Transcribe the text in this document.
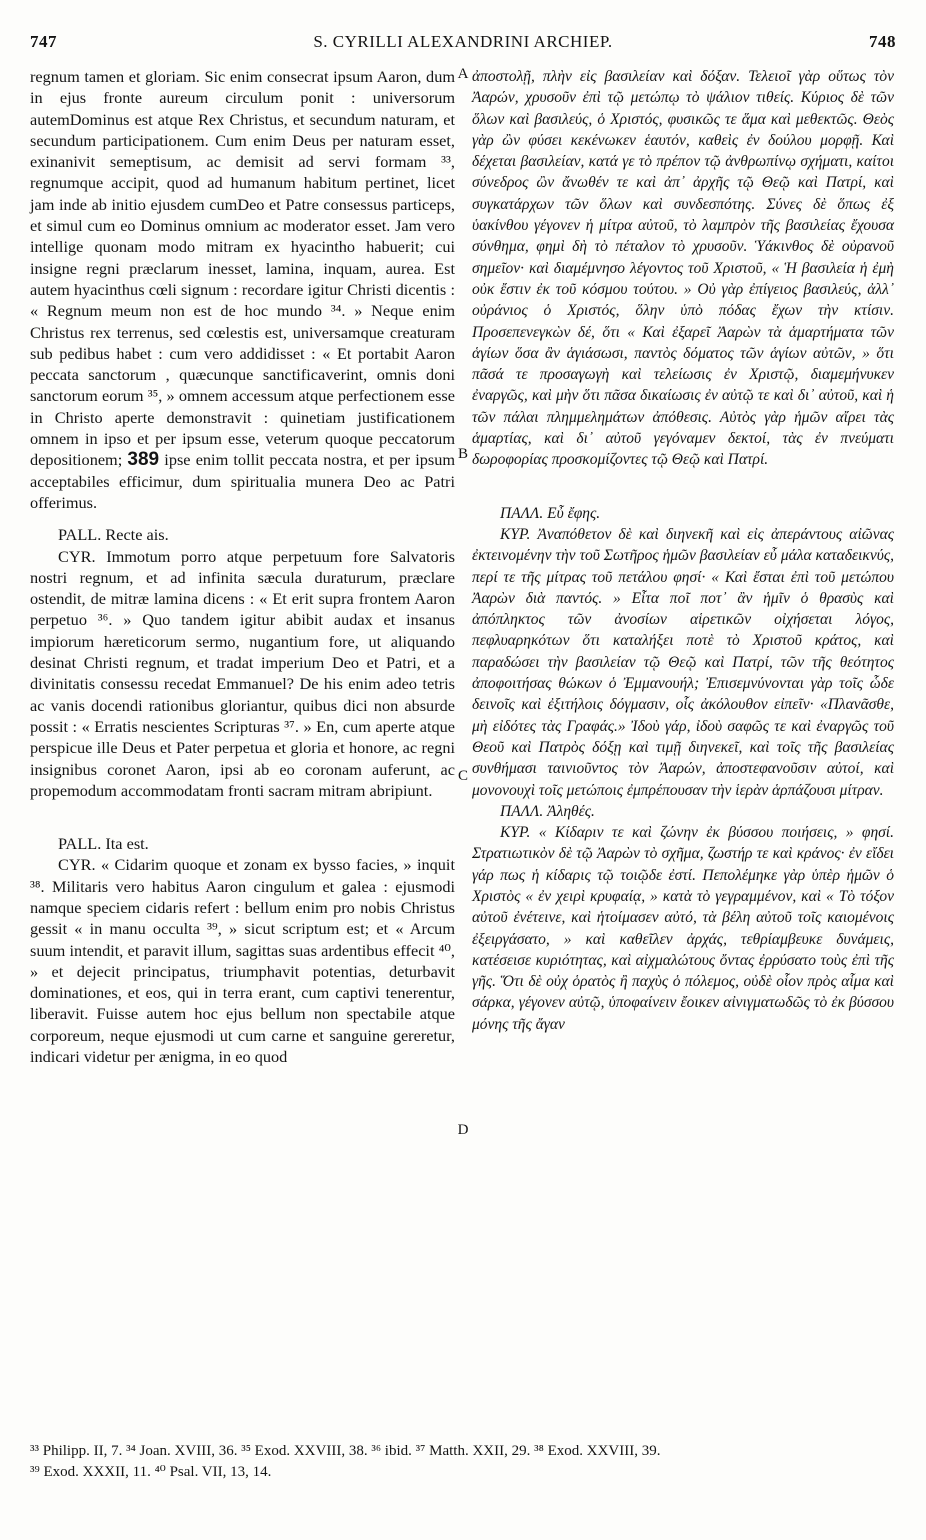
747	S. CYRILLI ALEXANDRINI ARCHIEP.	748
A
B
C
D

regnum tamen et gloriam. Sic enim consecrat ipsum Aaron, dum in ejus fronte aureum circulum ponit : universorum autemDominus est atque Rex Christus, et secundum naturam, et secundum participationem. Cum enim Deus per naturam esset, exinanivit semeptisum, ac demisit ad servi formam ³³, regnumque accipit, quod ad humanum habitum pertinet, licet jam inde ab initio ejusdem cumDeo et Patre consessus particeps, et simul cum eo Dominus omnium ac moderator esset. Jam vero intellige quonam modo mitram ex hyacintho habuerit; cui insigne regni præclarum inesset, lamina, inquam, aurea. Est autem hyacinthus cœli signum : recordare igitur Christi dicentis : « Regnum meum non est de hoc mundo ³⁴. » Neque enim Christus rex terrenus, sed cœlestis est, universamque creaturam sub pedibus habet : cum vero addidisset : « Et portabit Aaron peccata sanctorum , quæcunque sanctificaverint, omnis doni sanctorum eorum ³⁵, » omnem accessum atque perfectionem esse in Christo aperte demonstravit : quinetiam justificationem omnem in ipso et per ipsum esse, veterum quoque peccatorum depositionem; 389 ipse enim tollit peccata nostra, et per ipsum acceptabiles efficimur, dum spiritualia munera Deo ac Patri offerimus.

PALL. Recte ais.

CYR. Immotum porro atque perpetuum fore Salvatoris nostri regnum, et ad infinita sæcula duraturum, præclare ostendit, de mitræ lamina dicens : « Et erit supra frontem Aaron perpetuo ³⁶. » Quo tandem igitur abibit audax et insanus impiorum hæreticorum sermo, nugantium fore, ut aliquando desinat Christi regnum, et tradat imperium Deo et Patri, et a divinitatis consessu recedat Emmanuel? De his enim adeo tetris ac vanis docendi rationibus gloriantur, quibus dici non absurde possit : « Erratis nescientes Scripturas ³⁷. » En, cum aperte atque perspicue ille Deus et Pater perpetua et gloria et honore, ac regni insignibus coronet Aaron, ipsi ab eo coronam auferunt, ac propemodum accommodatam fronti sacram mitram abripiunt.

PALL. Ita est.

CYR. « Cidarim quoque et zonam ex bysso facies, » inquit ³⁸. Militaris vero habitus Aaron cingulum et galea : ejusmodi namque speciem cidaris refert : bellum enim pro nobis Christus gessit « in manu occulta ³⁹, » sicut scriptum est; et « Arcum suum intendit, et paravit illum, sagittas suas ardentibus effecit ⁴⁰, » et dejecit principatus, triumphavit potentias, deturbavit dominationes, et eos, qui in terra erant, cum captivi tenerentur, liberavit. Fuisse autem hoc ejus bellum non spectabile atque corporeum, neque ejusmodi ut cum carne et sanguine gereretur, indicari videtur per ænigma, in eo quod

ἀποστολῇ, πλὴν εἰς βασιλείαν καὶ δόξαν. Τελειοῖ γὰρ οὕτως τὸν Ἀαρών, χρυσοῦν ἐπὶ τῷ μετώπῳ τὸ ψάλιον τιθείς. Κύριος δὲ τῶν ὅλων καὶ βασιλεύς, ὁ Χριστός, φυσικῶς τε ἅμα καὶ μεθεκτῶς. Θεὸς γὰρ ὢν φύσει κεκένωκεν ἑαυτόν, καθεὶς ἐν δούλου μορφῇ. Καὶ δέχεται βασιλείαν, κατά γε τὸ πρέπον τῷ ἀνθρωπίνῳ σχήματι, καίτοι σύνεδρος ὢν ἄνωθέν τε καὶ ἀπ᾽ ἀρχῆς τῷ Θεῷ καὶ Πατρί, καὶ συγκατάρχων τῶν ὅλων καὶ συνδεσπότης. Σύνες δὲ ὅπως ἐξ ὑακίνθου γέγονεν ἡ μίτρα αὐτοῦ, τὸ λαμπρὸν τῆς βασιλείας ἔχουσα σύνθημα, φημὶ δὴ τὸ πέταλον τὸ χρυσοῦν. Ὑάκινθος δὲ οὐρανοῦ σημεῖον· καὶ διαμέμνησο λέγοντος τοῦ Χριστοῦ, « Ἡ βασιλεία ἡ ἐμὴ οὐκ ἔστιν ἐκ τοῦ κόσμου τούτου. » Οὐ γὰρ ἐπίγειος βασιλεύς, ἀλλ᾽ οὐράνιος ὁ Χριστός, ὅλην ὑπὸ πόδας ἔχων τὴν κτίσιν. Προσεπενεγκὼν δέ, ὅτι « Καὶ ἐξαρεῖ Ἀαρὼν τὰ ἁμαρτήματα τῶν ἁγίων ὅσα ἂν ἁγιάσωσι, παντὸς δόματος τῶν ἁγίων αὐτῶν, » ὅτι πᾶσά τε προσαγωγὴ καὶ τελείωσις ἐν Χριστῷ, διαμεμήνυκεν ἐναργῶς, καὶ μὴν ὅτι πᾶσα δικαίωσις ἐν αὐτῷ τε καὶ δι᾽ αὐτοῦ, καὶ ἡ τῶν πάλαι πλημμελημάτων ἀπόθεσις. Αὐτὸς γὰρ ἡμῶν αἴρει τὰς ἁμαρτίας, καὶ δι᾽ αὐτοῦ γεγόναμεν δεκτοί, τὰς ἐν πνεύματι δωροφορίας προσκομίζοντες τῷ Θεῷ καὶ Πατρί.

ΠΑΛΛ. Εὖ ἔφης.

ΚΥΡ. Ἀναπόθετον δὲ καὶ διηνεκῆ καὶ εἰς ἀπεράντους αἰῶνας ἐκτεινομένην τὴν τοῦ Σωτῆρος ἡμῶν βασιλείαν εὖ μάλα καταδεικνύς, περί τε τῆς μίτρας τοῦ πετάλου φησί· « Καὶ ἔσται ἐπὶ τοῦ μετώπου Ἀαρὼν διὰ παντός. » Εἶτα ποῖ ποτ᾽ ἂν ἡμῖν ὁ θρασὺς καὶ ἀπόπληκτος τῶν ἀνοσίων αἱρετικῶν οἰχήσεται λόγος, πεφλυαρηκότων ὅτι καταλήξει ποτὲ τὸ Χριστοῦ κράτος, καὶ παραδώσει τὴν βασιλείαν τῷ Θεῷ καὶ Πατρί, τῶν τῆς θεότητος ἀποφοιτήσας θώκων ὁ Ἐμμανουήλ; Ἐπισεμνύνονται γὰρ τοῖς ὧδε δεινοῖς καὶ ἐξιτήλοις δόγμασιν, οἷς ἀκόλουθον εἰπεῖν· «Πλανᾶσθε, μὴ εἰδότες τὰς Γραφάς.» Ἰδοὺ γάρ, ἰδοὺ σαφῶς τε καὶ ἐναργῶς τοῦ Θεοῦ καὶ Πατρὸς δόξῃ καὶ τιμῇ διηνεκεῖ, καὶ τοῖς τῆς βασιλείας συνθήμασι ταινιοῦντος τὸν Ἀαρών, ἀποστεφανοῦσιν αὐτοί, καὶ μονονουχὶ τοῖς μετώποις ἐμπρέπουσαν τὴν ἱερὰν ἁρπάζουσι μίτραν.

ΠΑΛΛ. Ἀληθές.

ΚΥΡ. « Κίδαριν τε καὶ ζώνην ἐκ βύσσου ποιήσεις, » φησί. Στρατιωτικὸν δὲ τῷ Ἀαρὼν τὸ σχῆμα, ζωστήρ τε καὶ κράνος· ἐν εἴδει γάρ πως ἡ κίδαρις τῷ τοιῷδε ἐστί. Πεπολέμηκε γὰρ ὑπὲρ ἡμῶν ὁ Χριστὸς « ἐν χειρὶ κρυφαίᾳ, » κατὰ τὸ γεγραμμένον, καὶ « Τὸ τόξον αὐτοῦ ἐνέτεινε, καὶ ἡτοίμασεν αὐτό, τὰ βέλη αὐτοῦ τοῖς καιομένοις ἐξειργάσατο, » καὶ καθεῖλεν ἀρχάς, τεθρίαμβευκε δυνάμεις, κατέσεισε κυριότητας, καὶ αἰχμαλώτους ὄντας ἐρρύσατο τοὺς ἐπὶ τῆς γῆς. Ὅτι δὲ οὐχ ὁρατὸς ἢ παχὺς ὁ πόλεμος, οὐδὲ οἷον πρὸς αἷμα καὶ σάρκα, γέγονεν αὐτῷ, ὑποφαίνειν ἔοικεν αἰνιγματωδῶς τὸ ἐκ βύσσου μόνης τῆς ἄγαν

³³ Philipp. II, 7. ³⁴ Joan. XVIII, 36. ³⁵ Exod. XXVIII, 38. ³⁶ ibid. ³⁷ Matth. XXII, 29. ³⁸ Exod. XXVIII, 39.
³⁹ Exod. XXXII, 11. ⁴⁰ Psal. VII, 13, 14.
